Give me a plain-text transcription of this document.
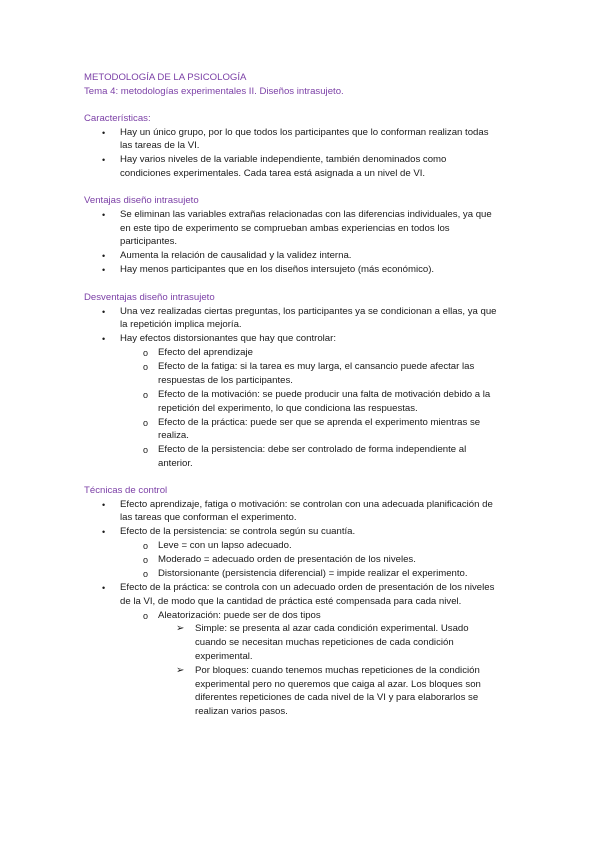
METODOLOGÍA DE LA PSICOLOGÍA
Tema 4: metodologías experimentales II. Diseños intrasujeto.
Características:
•
Hay un único grupo, por lo que todos los participantes que lo conforman realizan todas
las tareas de la VI.
•
Hay varios niveles de la variable independiente, también denominados como
condiciones experimentales. Cada tarea está asignada a un nivel de VI.
Ventajas diseño intrasujeto
•
Se eliminan las variables extrañas relacionadas con las diferencias individuales, ya que
en este tipo de experimento se comprueban ambas experiencias en todos los
participantes.
•
Aumenta la relación de causalidad y la validez interna.
•
Hay menos participantes que en los diseños intersujeto (más económico).
Desventajas diseño intrasujeto
•
Una vez realizadas ciertas preguntas, los participantes ya se condicionan a ellas, ya que
la repetición implica mejoría.
•
Hay efectos distorsionantes que hay que controlar:
o Efecto del aprendizaje
o Efecto de la fatiga: si la tarea es muy larga, el cansancio puede afectar las
respuestas de los participantes.
o Efecto de la motivación: se puede producir una falta de motivación debido a la
repetición del experimento, lo que condiciona las respuestas.
o Efecto de la práctica: puede ser que se aprenda el experimento mientras se
realiza.
o Efecto de la persistencia: debe ser controlado de forma independiente al
anterior.
Técnicas de control
•
Efecto aprendizaje, fatiga o motivación: se controlan con una adecuada planificación de
las tareas que conforman el experimento.
•
Efecto de la persistencia: se controla según su cuantía.
o Leve = con un lapso adecuado.
o Moderado = adecuado orden de presentación de los niveles.
o Distorsionante (persistencia diferencial) = impide realizar el experimento.
•
Efecto de la práctica: se controla con un adecuado orden de presentación de los niveles
de la VI, de modo que la cantidad de práctica esté compensada para cada nivel.
o Aleatorización: puede ser de dos tipos
➢ Simple: se presenta al azar cada condición experimental. Usado
cuando se necesitan muchas repeticiones de cada condición
experimental.
➢ Por bloques: cuando tenemos muchas repeticiones de la condición
experimental pero no queremos que caiga al azar. Los bloques son
diferentes repeticiones de cada nivel de la VI y para elaborarlos se
realizan varios pasos.
